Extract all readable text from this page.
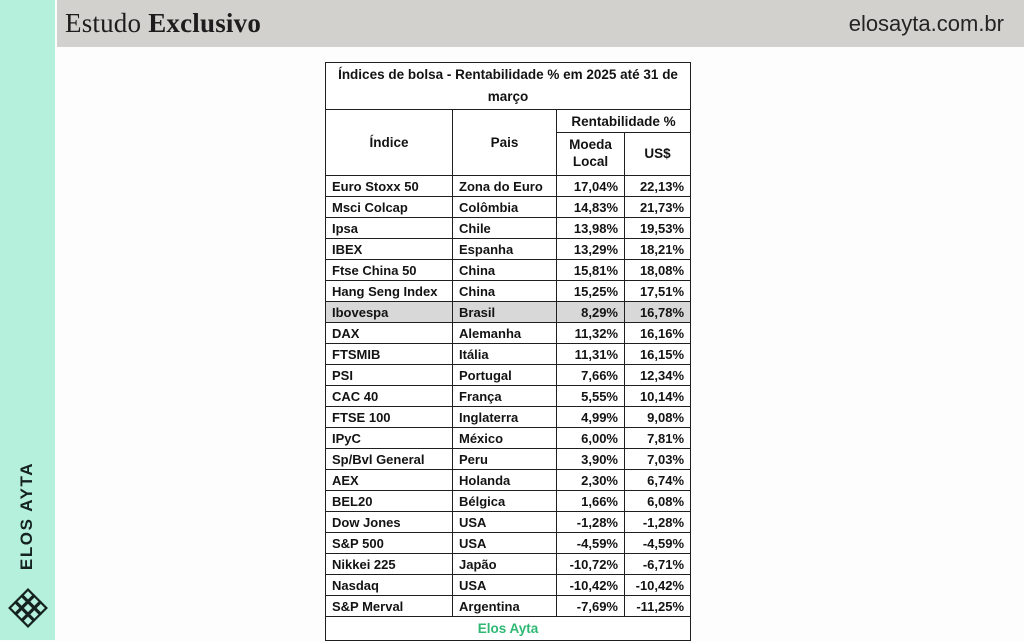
ELOS AYTA
Estudo Exclusivo	elosayta.com.br
Índices de bolsa - Rentabilidade % em 2025 até 31 de março			
Índice	Pais	Rentabilidade %	
		Moeda Local	US$
Euro Stoxx 50	Zona do Euro	17,04%	22,13%
Msci Colcap	Colômbia	14,83%	21,73%
Ipsa	Chile	13,98%	19,53%
IBEX	Espanha	13,29%	18,21%
Ftse China 50	China	15,81%	18,08%
Hang Seng Index	China	15,25%	17,51%
Ibovespa	Brasil	8,29%	16,78%
DAX	Alemanha	11,32%	16,16%
FTSMIB	Itália	11,31%	16,15%
PSI	Portugal	7,66%	12,34%
CAC 40	França	5,55%	10,14%
FTSE 100	Inglaterra	4,99%	9,08%
IPyC	México	6,00%	7,81%
Sp/Bvl General	Peru	3,90%	7,03%
AEX	Holanda	2,30%	6,74%
BEL20	Bélgica	1,66%	6,08%
Dow Jones	USA	-1,28%	-1,28%
S&P 500	USA	-4,59%	-4,59%
Nikkei 225	Japão	-10,72%	-6,71%
Nasdaq	USA	-10,42%	-10,42%
S&P Merval	Argentina	-7,69%	-11,25%
Elos Ayta			
